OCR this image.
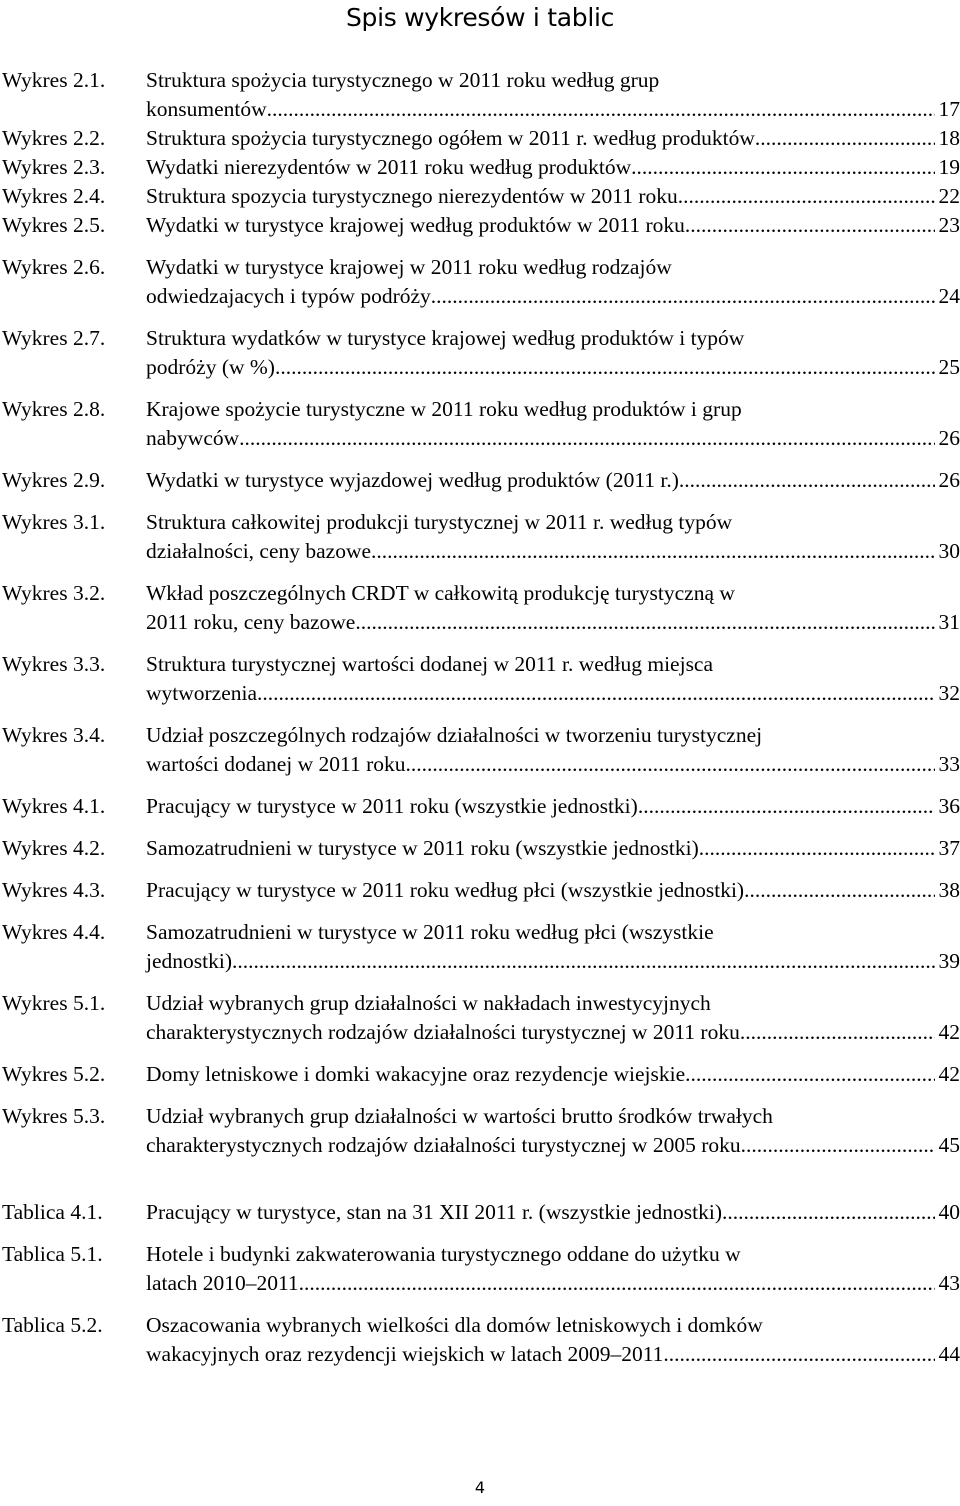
Spis wykresów i tablic
Wykres 2.1.	Struktura spożycia turystycznego w 2011 roku według grup
konsumentów .....	17
Wykres 2.2.	Struktura spożycia turystycznego ogółem w 2011 r. według produktów .....	18
Wykres 2.3.	Wydatki nierezydentów w 2011 roku według produktów .....	19
Wykres 2.4.	Struktura spozycia turystycznego nierezydentów w 2011 roku .....	22
Wykres 2.5.	Wydatki w turystyce krajowej według produktów w 2011 roku .....	23
Wykres 2.6.	Wydatki w turystyce krajowej w 2011 roku według rodzajów
odwiedzajacych i typów podróży .....	24
Wykres 2.7.	Struktura wydatków w turystyce krajowej według produktów i typów
podróży (w %) .....	25
Wykres 2.8.	Krajowe spożycie turystyczne w 2011 roku według produktów i grup
nabywców .....	26
Wykres 2.9.	Wydatki w turystyce wyjazdowej według produktów (2011 r.) .....	26
Wykres 3.1.	Struktura całkowitej produkcji turystycznej w 2011 r. według typów
działalności, ceny bazowe .....	30
Wykres 3.2.	Wkład poszczególnych CRDT w całkowitą produkcję turystyczną w
2011 roku, ceny bazowe .....	31
Wykres 3.3.	Struktura turystycznej wartości dodanej w 2011 r. według miejsca
wytworzenia .....	32
Wykres 3.4.	Udział poszczególnych rodzajów działalności w tworzeniu turystycznej
wartości dodanej w 2011 roku .....	33
Wykres 4.1.	Pracujący w turystyce w 2011 roku (wszystkie jednostki) .....	36
Wykres 4.2.	Samozatrudnieni w turystyce w 2011 roku (wszystkie jednostki) .....	37
Wykres 4.3.	Pracujący w turystyce w 2011 roku według płci (wszystkie jednostki) .....	38
Wykres 4.4.	Samozatrudnieni w turystyce w 2011 roku według płci (wszystkie
jednostki) .....	39
Wykres 5.1.	Udział wybranych grup działalności w nakładach inwestycyjnych
charakterystycznych rodzajów działalności turystycznej w 2011 roku .....	42
Wykres 5.2.	Domy letniskowe i domki wakacyjne oraz rezydencje wiejskie .....	42
Wykres 5.3.	Udział wybranych grup działalności w wartości brutto środków trwałych
charakterystycznych rodzajów działalności turystycznej w 2005 roku .....	45
Tablica 4.1.	Pracujący w turystyce, stan na 31 XII 2011 r. (wszystkie jednostki) .....	40
Tablica 5.1.	Hotele i budynki zakwaterowania turystycznego oddane do użytku w
latach 2010–2011 .....	43
Tablica 5.2.	Oszacowania wybranych wielkości dla domów letniskowych i domków
wakacyjnych oraz rezydencji wiejskich w latach 2009–2011 .....	44
4
